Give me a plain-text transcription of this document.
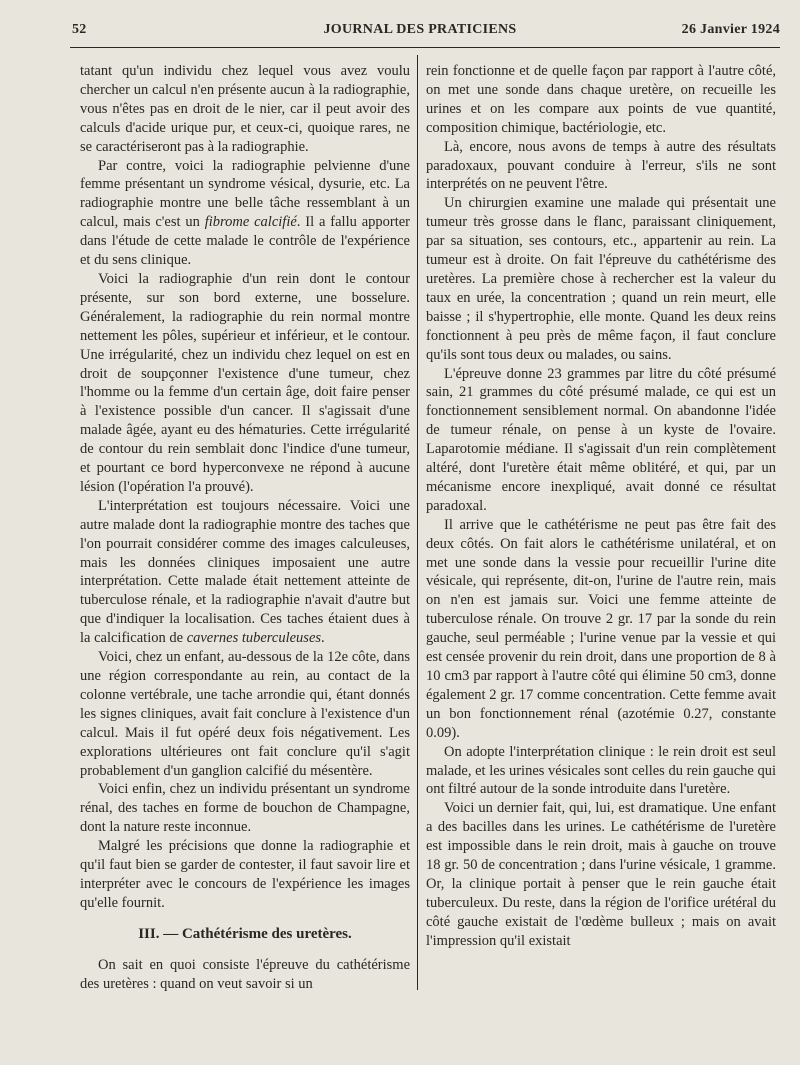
52	JOURNAL DES PRATICIENS	26 Janvier 1924

tatant qu'un individu chez lequel vous avez voulu chercher un calcul n'en présente aucun à la radiographie, vous n'êtes pas en droit de le nier, car il peut avoir des calculs d'acide urique pur, et ceux-ci, quoique rares, ne se caractériseront pas à la radiographie.

Par contre, voici la radiographie pelvienne d'une femme présentant un syndrome vésical, dysurie, etc. La radiographie montre une belle tâche ressemblant à un calcul, mais c'est un fibrome calcifié. Il a fallu apporter dans l'étude de cette malade le contrôle de l'expérience et du sens clinique.

Voici la radiographie d'un rein dont le contour présente, sur son bord externe, une bosselure. Généralement, la radiographie du rein normal montre nettement les pôles, supérieur et inférieur, et le contour. Une irrégularité, chez un individu chez lequel on est en droit de soupçonner l'existence d'une tumeur, chez l'homme ou la femme d'un certain âge, doit faire penser à l'existence possible d'un cancer. Il s'agissait d'une malade âgée, ayant eu des hématuries. Cette irrégularité de contour du rein semblait donc l'indice d'une tumeur, et pourtant ce bord hyperconvexe ne répond à aucune lésion (l'opération l'a prouvé).

L'interprétation est toujours nécessaire. Voici une autre malade dont la radiographie montre des taches que l'on pourrait considérer comme des images calculeuses, mais les données cliniques imposaient une autre interprétation. Cette malade était nettement atteinte de tuberculose rénale, et la radiographie n'avait d'autre but que d'indiquer la localisation. Ces taches étaient dues à la calcification de cavernes tuberculeuses.

Voici, chez un enfant, au-dessous de la 12e côte, dans une région correspondante au rein, au contact de la colonne vertébrale, une tache arrondie qui, étant donnés les signes cliniques, avait fait conclure à l'existence d'un calcul. Mais il fut opéré deux fois négativement. Les explorations ultérieures ont fait conclure qu'il s'agit probablement d'un ganglion calcifié du mésentère.

Voici enfin, chez un individu présentant un syndrome rénal, des taches en forme de bouchon de Champagne, dont la nature reste inconnue.

Malgré les précisions que donne la radiographie et qu'il faut bien se garder de contester, il faut savoir lire et interpréter avec le concours de l'expérience les images qu'elle fournit.

III. — Cathétérisme des uretères.

On sait en quoi consiste l'épreuve du cathétérisme des uretères : quand on veut savoir si un

rein fonctionne et de quelle façon par rapport à l'autre côté, on met une sonde dans chaque uretère, on recueille les urines et on les compare aux points de vue quantité, composition chimique, bactériologie, etc.

Là, encore, nous avons de temps à autre des résultats paradoxaux, pouvant conduire à l'erreur, s'ils ne sont interprétés on ne peuvent l'être.

Un chirurgien examine une malade qui présentait une tumeur très grosse dans le flanc, paraissant cliniquement, par sa situation, ses contours, etc., appartenir au rein. La tumeur est à droite. On fait l'épreuve du cathétérisme des uretères. La première chose à rechercher est la valeur du taux en urée, la concentration ; quand un rein meurt, elle baisse ; il s'hypertrophie, elle monte. Quand les deux reins fonctionnent à peu près de même façon, il faut conclure qu'ils sont tous deux ou malades, ou sains.

L'épreuve donne 23 grammes par litre du côté présumé sain, 21 grammes du côté présumé malade, ce qui est un fonctionnement sensiblement normal. On abandonne l'idée de tumeur rénale, on pense à un kyste de l'ovaire. Laparotomie médiane. Il s'agissait d'un rein complètement altéré, dont l'uretère était même oblitéré, et qui, par un mécanisme encore inexpliqué, avait donné ce résultat paradoxal.

Il arrive que le cathétérisme ne peut pas être fait des deux côtés. On fait alors le cathétérisme unilatéral, et on met une sonde dans la vessie pour recueillir l'urine dite vésicale, qui représente, dit-on, l'urine de l'autre rein, mais on n'en est jamais sur. Voici une femme atteinte de tuberculose rénale. On trouve 2 gr. 17 par la sonde du rein gauche, seul perméable ; l'urine venue par la vessie et qui est censée provenir du rein droit, dans une proportion de 8 à 10 cm3 par rapport à l'autre côté qui élimine 50 cm3, donne également 2 gr. 17 comme concentration. Cette femme avait un bon fonctionnement rénal (azotémie 0.27, constante 0.09).

On adopte l'interprétation clinique : le rein droit est seul malade, et les urines vésicales sont celles du rein gauche qui ont filtré autour de la sonde introduite dans l'uretère.

Voici un dernier fait, qui, lui, est dramatique. Une enfant a des bacilles dans les urines. Le cathétérisme de l'uretère est impossible dans le rein droit, mais à gauche on trouve 18 gr. 50 de concentration ; dans l'urine vésicale, 1 gramme. Or, la clinique portait à penser que le rein gauche était tuberculeux. Du reste, dans la région de l'orifice urétéral du côté gauche existait de l'œdème bulleux ; mais on avait l'impression qu'il existait
